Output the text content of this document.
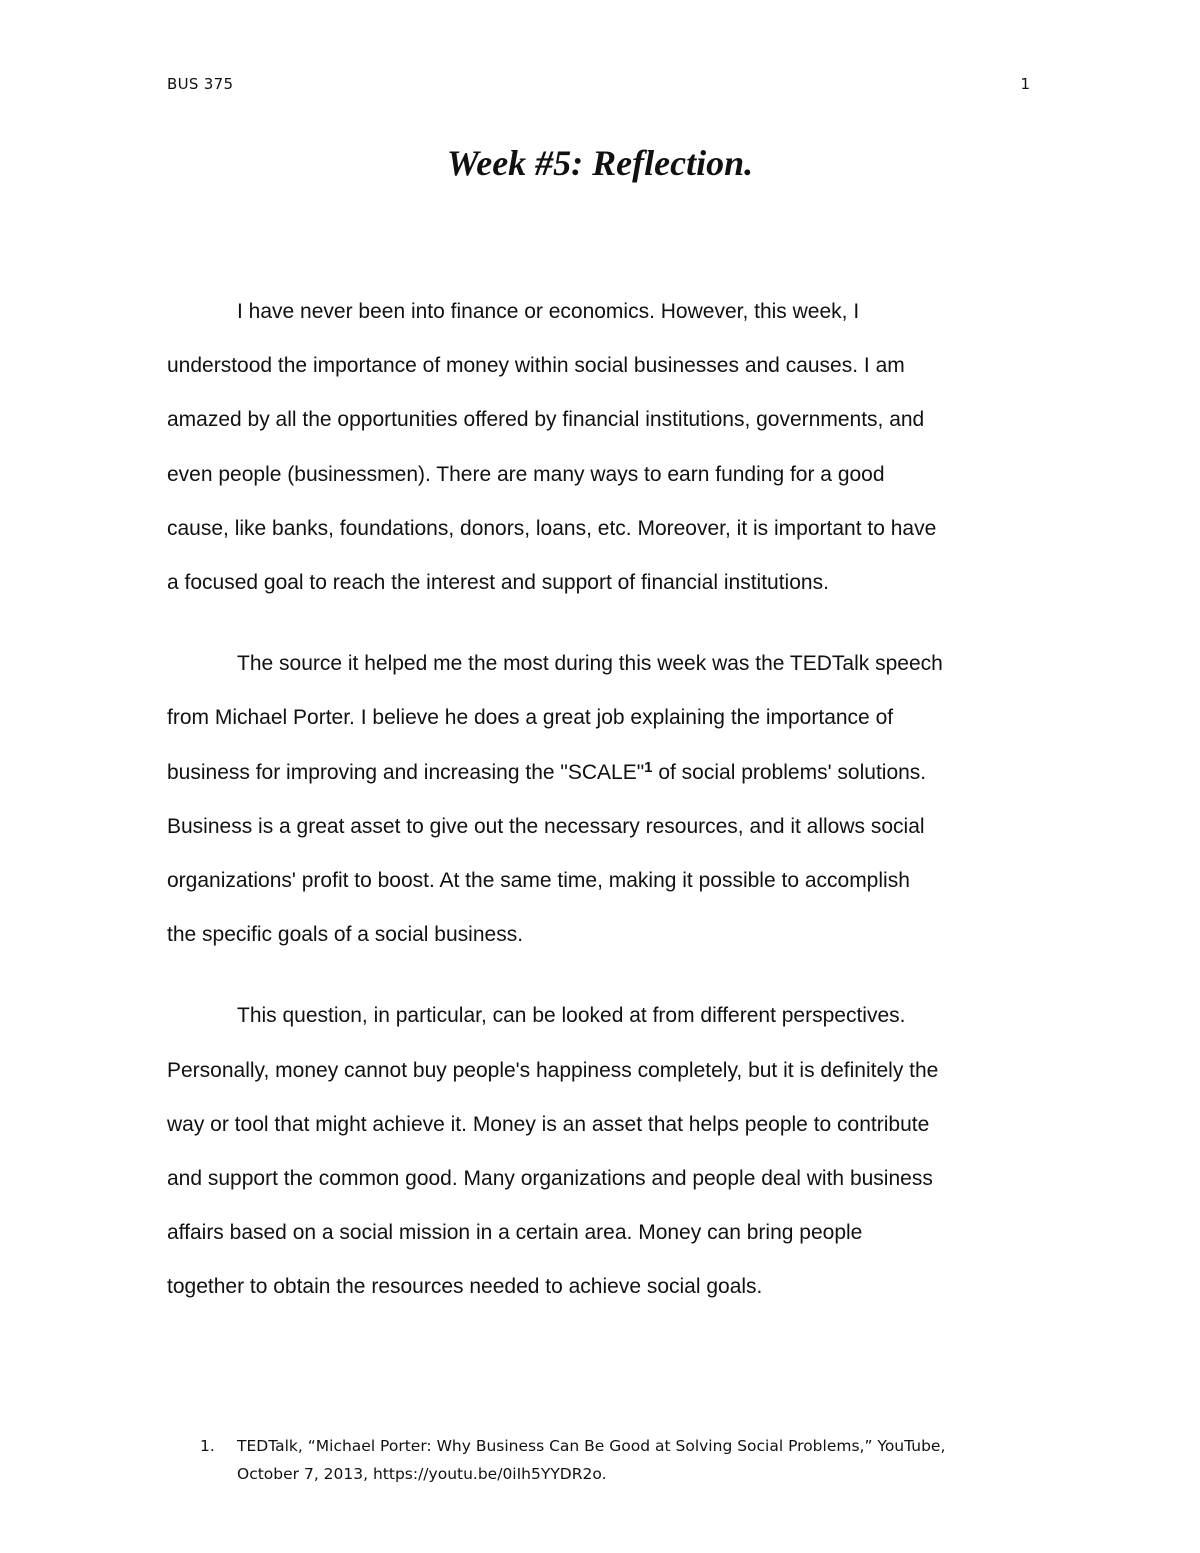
BUS 375	1
Week #5: Reflection.

I have never been into finance or economics. However, this week, I
understood the importance of money within social businesses and causes. I am
amazed by all the opportunities offered by financial institutions, governments, and
even people (businessmen). There are many ways to earn funding for a good
cause, like banks, foundations, donors, loans, etc. Moreover, it is important to have
a focused goal to reach the interest and support of financial institutions.

The source it helped me the most during this week was the TEDTalk speech
from Michael Porter. I believe he does a great job explaining the importance of
business for improving and increasing the "SCALE"$^1$ of social problems' solutions.
Business is a great asset to give out the necessary resources, and it allows social
organizations' profit to boost. At the same time, making it possible to accomplish
the specific goals of a social business.

This question, in particular, can be looked at from different perspectives.
Personally, money cannot buy people's happiness completely, but it is definitely the
way or tool that might achieve it. Money is an asset that helps people to contribute
and support the common good. Many organizations and people deal with business
affairs based on a social mission in a certain area. Money can bring people
together to obtain the resources needed to achieve social goals.

1. TEDTalk, “Michael Porter: Why Business Can Be Good at Solving Social Problems,” YouTube,
October 7, 2013, https://youtu.be/0iIh5YYDR2o.
